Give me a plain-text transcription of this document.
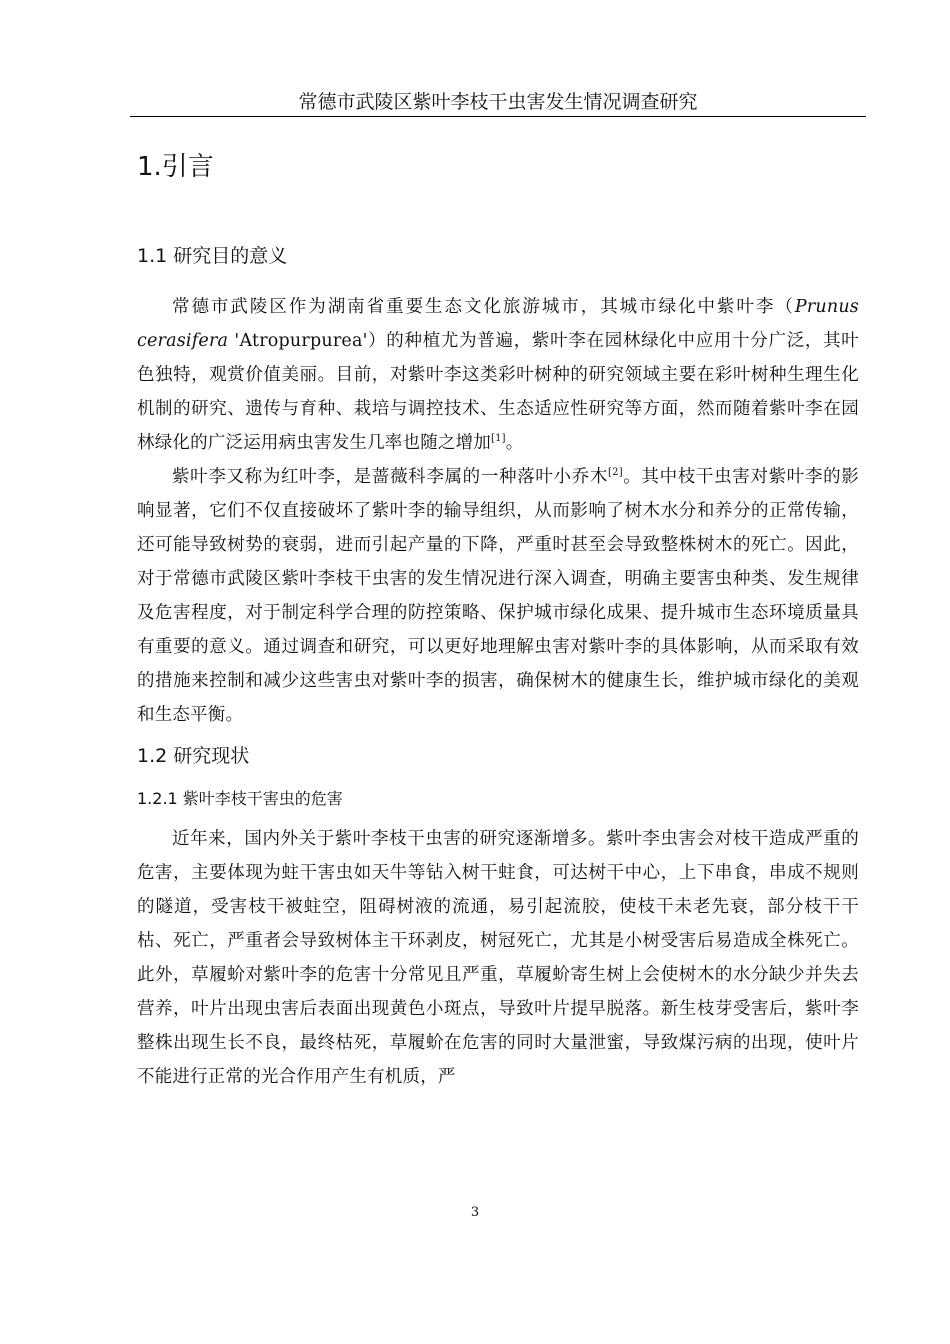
常德市武陵区紫叶李枝干虫害发生情况调查研究
1.引言
1.1 研究目的意义

常德市武陵区作为湖南省重要生态文化旅游城市，其城市绿化中紫叶李（Prunus cerasifera 'Atropurpurea'）的种植尤为普遍，紫叶李在园林绿化中应用十分广泛，其叶色独特，观赏价值美丽。目前，对紫叶李这类彩叶树种的研究领域主要在彩叶树种生理生化机制的研究、遗传与育种、栽培与调控技术、生态适应性研究等方面，然而随着紫叶李在园林绿化的广泛运用病虫害发生几率也随之增加[1]。

紫叶李又称为红叶李，是蔷薇科李属的一种落叶小乔木[2]。其中枝干虫害对紫叶李的影响显著，它们不仅直接破坏了紫叶李的输导组织，从而影响了树木水分和养分的正常传输，还可能导致树势的衰弱，进而引起产量的下降，严重时甚至会导致整株树木的死亡。因此，对于常德市武陵区紫叶李枝干虫害的发生情况进行深入调查，明确主要害虫种类、发生规律及危害程度，对于制定科学合理的防控策略、保护城市绿化成果、提升城市生态环境质量具有重要的意义。通过调查和研究，可以更好地理解虫害对紫叶李的具体影响，从而采取有效的措施来控制和减少这些害虫对紫叶李的损害，确保树木的健康生长，维护城市绿化的美观和生态平衡。

1.2 研究现状
1.2.1 紫叶李枝干害虫的危害

近年来，国内外关于紫叶李枝干虫害的研究逐渐增多。紫叶李虫害会对枝干造成严重的危害，主要体现为蛀干害虫如天牛等钻入树干蛀食，可达树干中心，上下串食，串成不规则的隧道，受害枝干被蛀空，阻碍树液的流通，易引起流胶，使枝干未老先衰，部分枝干干枯、死亡，严重者会导致树体主干环剥皮，树冠死亡，尤其是小树受害后易造成全株死亡。此外，草履蚧对紫叶李的危害十分常见且严重，草履蚧寄生树上会使树木的水分缺少并失去营养，叶片出现虫害后表面出现黄色小斑点，导致叶片提早脱落。新生枝芽受害后，紫叶李整株出现生长不良，最终枯死，草履蚧在危害的同时大量泄蜜，导致煤污病的出现，使叶片不能进行正常的光合作用产生有机质，严

3
